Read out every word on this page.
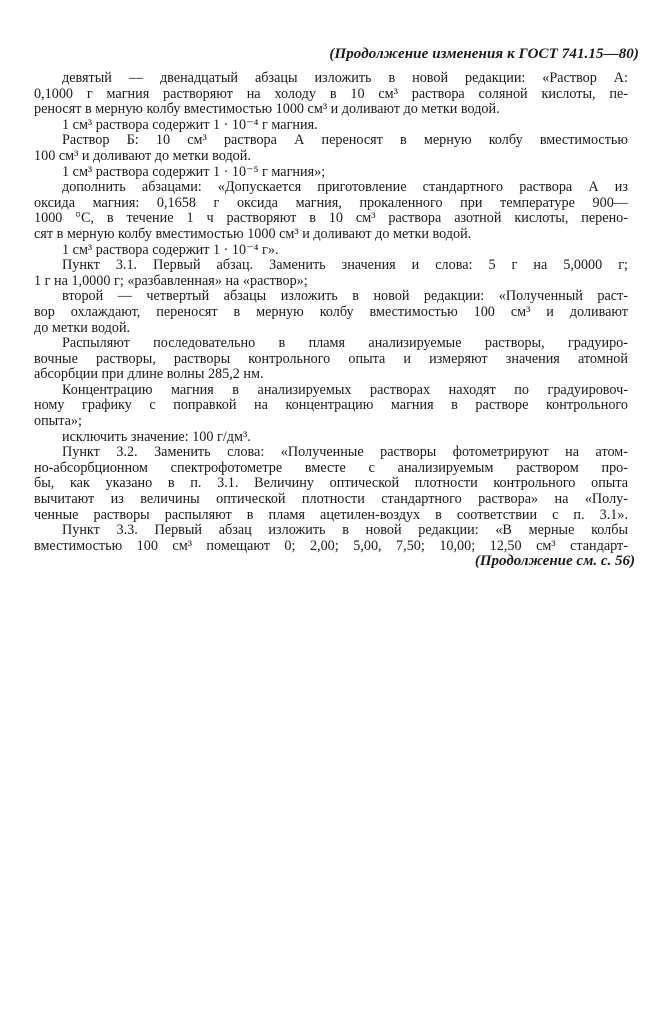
(Продолжение изменения к ГОСТ 741.15—80)
девятый — двенадцатый абзацы изложить в новой редакции: «Раствор А:
0,1000 г магния растворяют на холоду в 10 см³ раствора соляной кислоты, пе-
реносят в мерную колбу вместимостью 1000 см³ и доливают до метки водой.
1 см³ раствора содержит 1 · 10⁻⁴ г магния.
Раствор Б: 10 см³ раствора А переносят в мерную колбу вместимостью
100 см³ и доливают до метки водой.
1 см³ раствора содержит 1 · 10⁻⁵ г магния»;
дополнить абзацами: «Допускается приготовление стандартного раствора А из
оксида магния: 0,1658 г оксида магния, прокаленного при температуре 900—
1000 °С, в течение 1 ч растворяют в 10 см³ раствора азотной кислоты, перено-
сят в мерную колбу вместимостью 1000 см³ и доливают до метки водой.
1 см³ раствора содержит 1 · 10⁻⁴ г».
Пункт 3.1. Первый абзац. Заменить значения и слова: 5 г на 5,0000 г;
1 г на 1,0000 г; «разбавленная» на «раствор»;
второй — четвертый абзацы изложить в новой редакции: «Полученный раст-
вор охлаждают, переносят в мерную колбу вместимостью 100 см³ и доливают
до метки водой.
Распыляют последовательно в пламя анализируемые растворы, градуиро-
вочные растворы, растворы контрольного опыта и измеряют значения атомной
абсорбции при длине волны 285,2 нм.
Концентрацию магния в анализируемых растворах находят по градуировоч-
ному графику с поправкой на концентрацию магния в растворе контрольного
опыта»;
исключить значение: 100 г/дм³.
Пункт 3.2. Заменить слова: «Полученные растворы фотометрируют на атом-
но-абсорбционном спектрофотометре вместе с анализируемым раствором про-
бы, как указано в п. 3.1. Величину оптической плотности контрольного опыта
вычитают из величины оптической плотности стандартного раствора» на «Полу-
ченные растворы распыляют в пламя ацетилен-воздух в соответствии с п. 3.1».
Пункт 3.3. Первый абзац изложить в новой редакции: «В мерные колбы
вместимостью 100 см³ помещают 0; 2,00; 5,00, 7,50; 10,00; 12,50 см³ стандарт-
(Продолжение см. с. 56)
